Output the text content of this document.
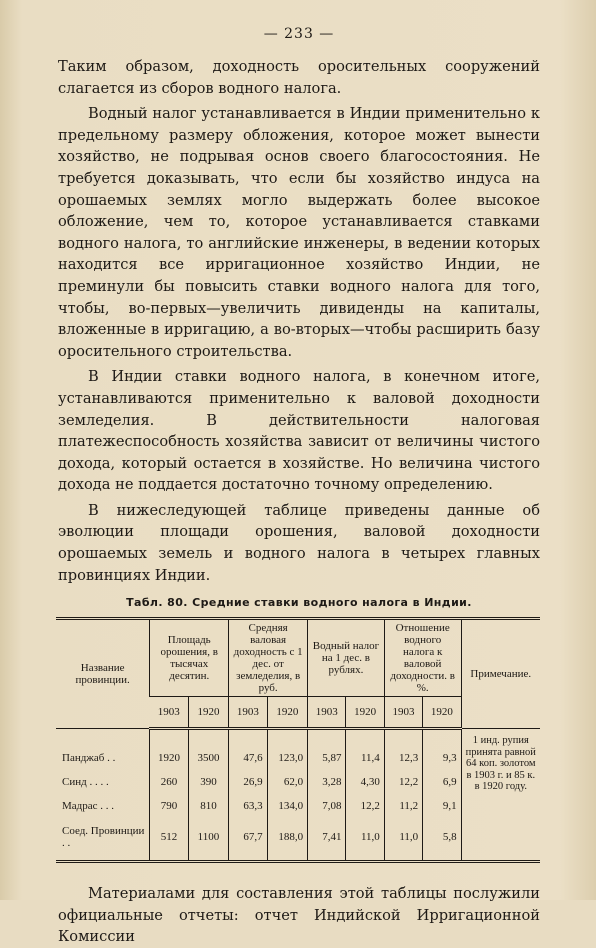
— 233 —

Таким образом, доходность оросительных сооружений слагается из сборов водного налога.

Водный налог устанавливается в Индии применительно к предельному размеру обложения, которое может вынести хозяйство, не подрывая основ своего благосостояния. Не требуется доказывать, что если бы хозяйство индуса на орошаемых землях могло выдержать более высокое обложение, чем то, которое устанавливается ставками водного налога, то английские инженеры, в ведении которых находится все ирригационное хозяйство Индии, не преминули бы повысить ставки водного налога для того, чтобы, во-первых—увеличить дивиденды на капиталы, вложенные в ирригацию, а во-вторых—чтобы расширить базу оросительного строительства.

В Индии ставки водного налога, в конечном итоге, устанавливаются применительно к валовой доходности земледелия. В действительности налоговая платежеспособность хозяйства зависит от величины чистого дохода, который остается в хозяйстве. Но величина чистого дохода не поддается достаточно точному определению.

В нижеследующей таблице приведены данные об эволюции площади орошения, валовой доходности орошаемых земель и водного налога в четырех главных провинциях Индии.

Табл. 80. Средние ставки водного налога в Индии.
Название провинции.	Площадь орошения, в тысячах десятин.		Средняя валовая доходность с 1 дес. от земледелия, в руб.		Водный налог на 1 дес. в рублях.		Отношение водного налога к валовой доходности. в %.		Примечание.
	1903	1920	1903	1920	1903	1920	1903	1920	
									1 инд. рупия принята равной 64 коп. золотом в 1903 г. и 85 к. в 1920 году.
Панджаб . .	1920	3500	47,6	123,0	5,87	11,4	12,3	9,3	
Синд . . . .	260	390	26,9	62,0	3,28	4,30	12,2	6,9	
Мадрас . . .	790	810	63,3	134,0	7,08	12,2	11,2	9,1	
Соед. Провинции . .	512	1100	67,7	188,0	7,41	11,0	11,0	5,8	

Материалами для составления этой таблицы послужили официальные отчеты: отчет Индийской Ирригационной Комиссии
